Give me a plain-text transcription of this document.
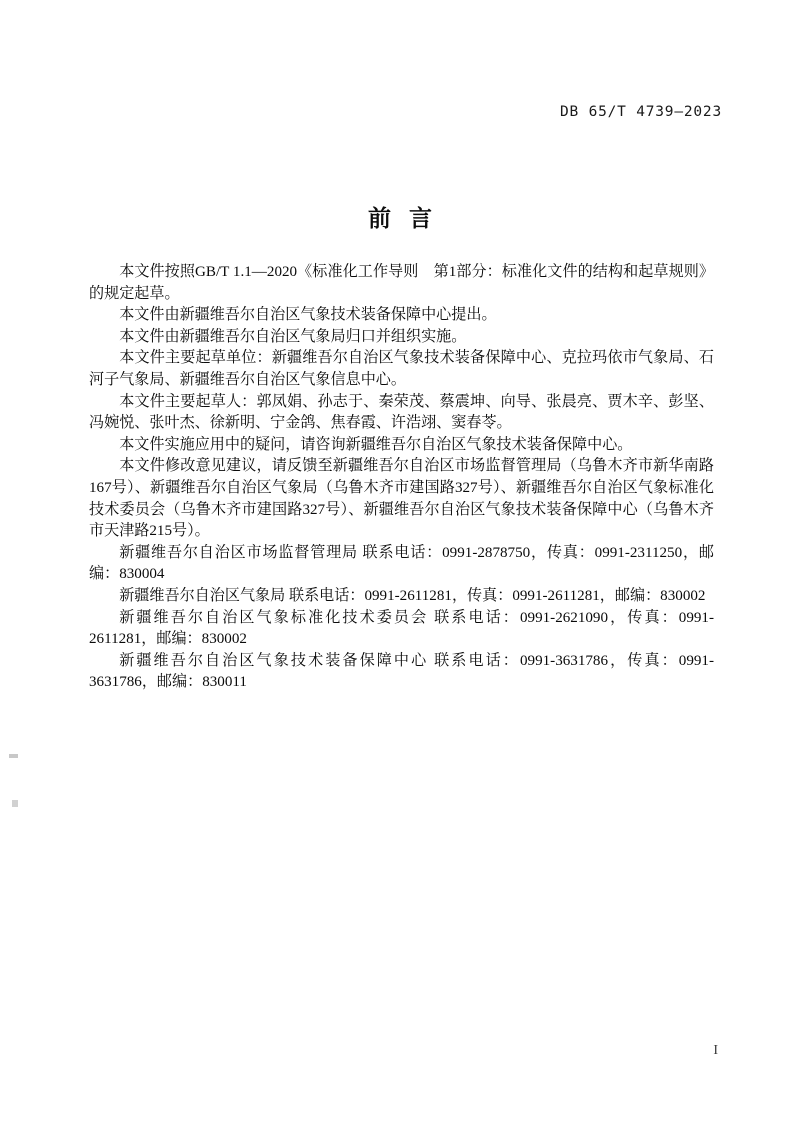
DB 65/T 4739—2023
前言

本文件按照GB/T 1.1—2020《标准化工作导则　第1部分：标准化文件的结构和起草规则》的规定起草。

本文件由新疆维吾尔自治区气象技术装备保障中心提出。

本文件由新疆维吾尔自治区气象局归口并组织实施。

本文件主要起草单位：新疆维吾尔自治区气象技术装备保障中心、克拉玛依市气象局、石河子气象局、新疆维吾尔自治区气象信息中心。

本文件主要起草人：郭凤娟、孙志于、秦荣茂、蔡震坤、向导、张晨亮、贾木辛、彭坚、冯婉悦、张叶杰、徐新明、宁金鸽、焦春霞、许浩翊、窦春苓。

本文件实施应用中的疑问，请咨询新疆维吾尔自治区气象技术装备保障中心。

本文件修改意见建议，请反馈至新疆维吾尔自治区市场监督管理局（乌鲁木齐市新华南路167号）、新疆维吾尔自治区气象局（乌鲁木齐市建国路327号）、新疆维吾尔自治区气象标准化技术委员会（乌鲁木齐市建国路327号）、新疆维吾尔自治区气象技术装备保障中心（乌鲁木齐市天津路215号）。

新疆维吾尔自治区市场监督管理局 联系电话：0991-2878750，传真：0991-2311250，邮编：830004

新疆维吾尔自治区气象局 联系电话：0991-2611281，传真：0991-2611281，邮编：830002

新疆维吾尔自治区气象标准化技术委员会 联系电话：0991-2621090，传真：0991-2611281，邮编：830002

新疆维吾尔自治区气象技术装备保障中心 联系电话：0991-3631786，传真：0991-3631786，邮编：830011

I
